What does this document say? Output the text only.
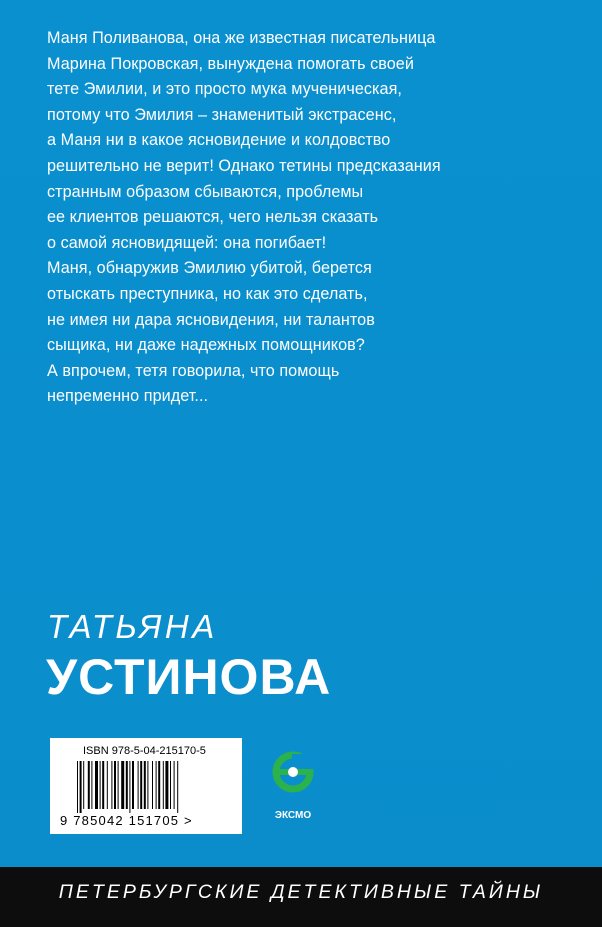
Маня Поливанова, она же известная писательница
Марина Покровская, вынуждена помогать своей
тете Эмилии, и это просто мука мученическая,
потому что Эмилия – знаменитый экстрасенс,
а Маня ни в какое ясновидение и колдовство
решительно не верит! Однако тетины предсказания
странным образом сбываются, проблемы
ее клиентов решаются, чего нельзя сказать
о самой ясновидящей: она погибает!
Маня, обнаружив Эмилию убитой, берется
отыскать преступника, но как это сделать,
не имея ни дара ясновидения, ни талантов
сыщика, ни даже надежных помощников?
А впрочем, тетя говорила, что помощь
непременно придет...
ТАТЬЯНА
УСТИНОВА
ISBN 978-5-04-215170-5
9 785042 151705 >	ЭКСМО
ПЕТЕРБУРГСКИЕ ДЕТЕКТИВНЫЕ ТАЙНЫ
